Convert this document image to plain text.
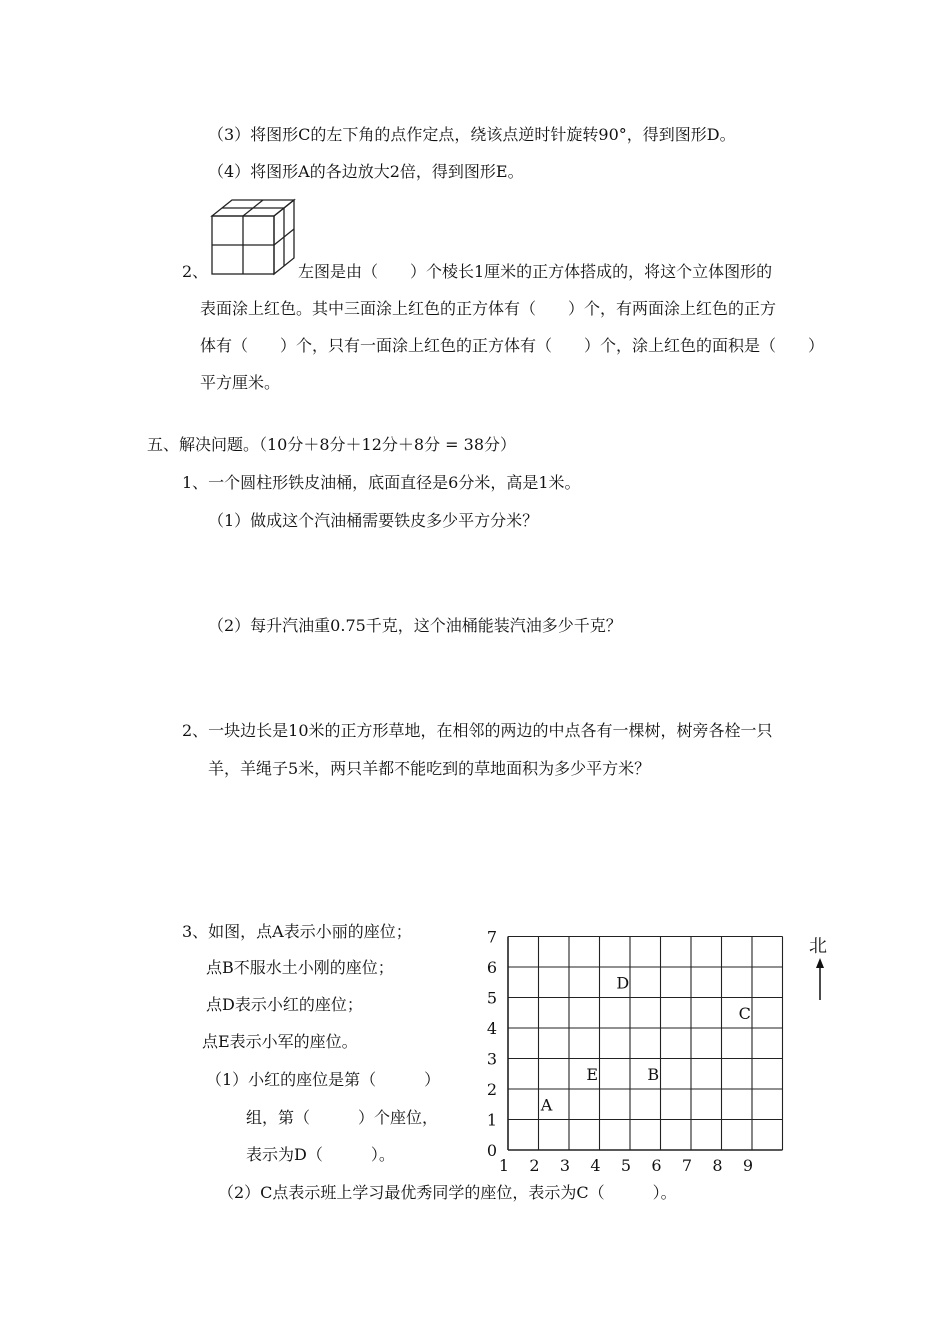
（3）将图形C的左下角的点作定点，绕该点逆时针旋转90°，得到图形D。
（4）将图形A的各边放大2倍，得到图形E。
2、	左图是由（　　）个棱长1厘米的正方体搭成的，将这个立体图形的
表面涂上红色。其中三面涂上红色的正方体有（　　）个，有两面涂上红色的正方
体有（　　）个，只有一面涂上红色的正方体有（　　）个，涂上红色的面积是（　　）
平方厘米。
五、解决问题。（10分＋8分＋12分＋8分 = 38分）
1、一个圆柱形铁皮油桶，底面直径是6分米，高是1米。
（1）做成这个汽油桶需要铁皮多少平方分米？
（2）每升汽油重0.75千克，这个油桶能装汽油多少千克？
2、一块边长是10米的正方形草地，在相邻的两边的中点各有一棵树，树旁各栓一只
羊，羊绳子5米，两只羊都不能吃到的草地面积为多少平方米？
3、如图，点A表示小丽的座位；
点B不服水土小刚的座位；
点D表示小红的座位；
点E表示小军的座位。
（1）小红的座位是第（　　　）
组，第（　　　）个座位，
表示为D（　　　）。
（2）C点表示班上学习最优秀同学的座位，表示为C（　　　）。
1 2 3 4 5 6 7 8 9
0
1
2
3
4
5
6
7
A
E	B
D
C
北
